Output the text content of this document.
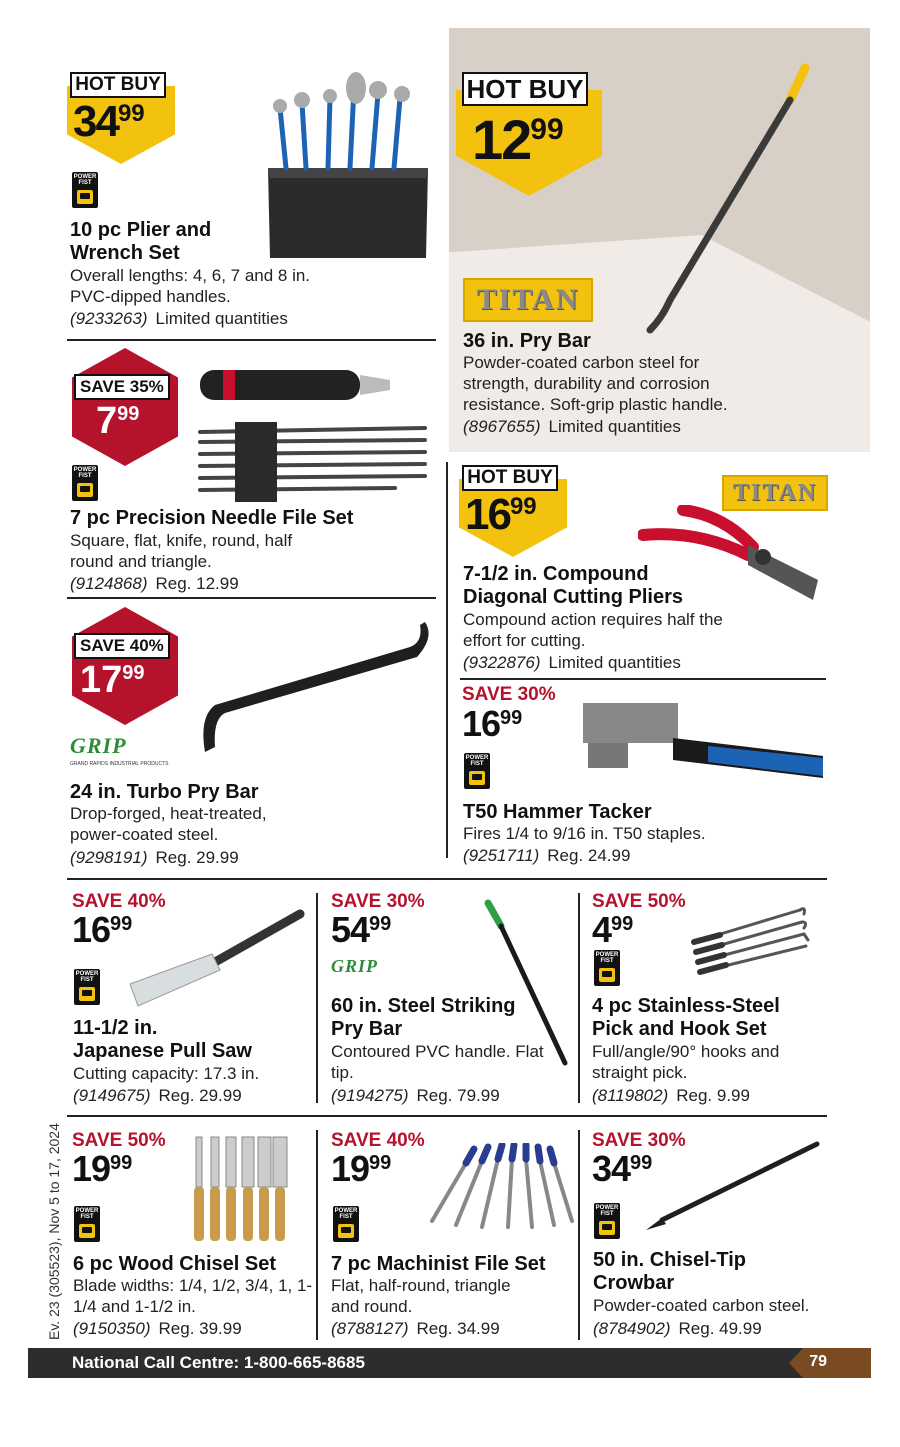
HOT BUY
3499
POWER FIST
10 pc Plier and Wrench Set
Overall lengths: 4, 6, 7 and 8 in. PVC-dipped handles.
(9233263) Limited quantities
HOT BUY
1299
TITAN
36 in. Pry Bar
Powder-coated carbon steel for strength, durability and corrosion resistance. Soft-grip plastic handle.
(8967655) Limited quantities
SAVE 35%
799
POWER FIST
7 pc Precision Needle File Set
Square, flat, knife, round, half round and triangle.
(9124868) Reg. 12.99
HOT BUY
1699
TITAN
7-1/2 in. Compound Diagonal Cutting Pliers
Compound action requires half the effort for cutting.
(9322876) Limited quantities
SAVE 40%
1799
GRIP
GRAND RAPIDS INDUSTRIAL PRODUCTS
24 in. Turbo Pry Bar
Drop-forged, heat-treated, power-coated steel.
(9298191) Reg. 29.99
SAVE 30%
1699
POWER FIST
T50 Hammer Tacker
Fires 1/4 to 9/16 in. T50 staples.
(9251711) Reg. 24.99
SAVE 40%
1699
POWER FIST
11-1/2 in.
Japanese Pull Saw
Cutting capacity: 17.3 in.
(9149675) Reg. 29.99
SAVE 30%
5499
GRIP
60 in. Steel Striking Pry Bar
Contoured PVC handle. Flat tip.
(9194275) Reg. 79.99
SAVE 50%
499
POWER FIST
4 pc Stainless-Steel Pick and Hook Set
Full/angle/90° hooks and straight pick.
(8119802) Reg. 9.99
SAVE 50%
1999
POWER FIST
6 pc Wood Chisel Set
Blade widths: 1/4, 1/2, 3/4, 1, 1-1/4 and 1-1/2 in.
(9150350) Reg. 39.99
SAVE 40%
1999
POWER FIST
7 pc Machinist File Set
Flat, half-round, triangle and round.
(8788127) Reg. 34.99
SAVE 30%
3499
POWER FIST
50 in. Chisel-Tip Crowbar
Powder-coated carbon steel.
(8784902) Reg. 49.99
Ev. 23 (305523), Nov 5 to 17, 2024
National Call Centre: 1-800-665-8685	79
